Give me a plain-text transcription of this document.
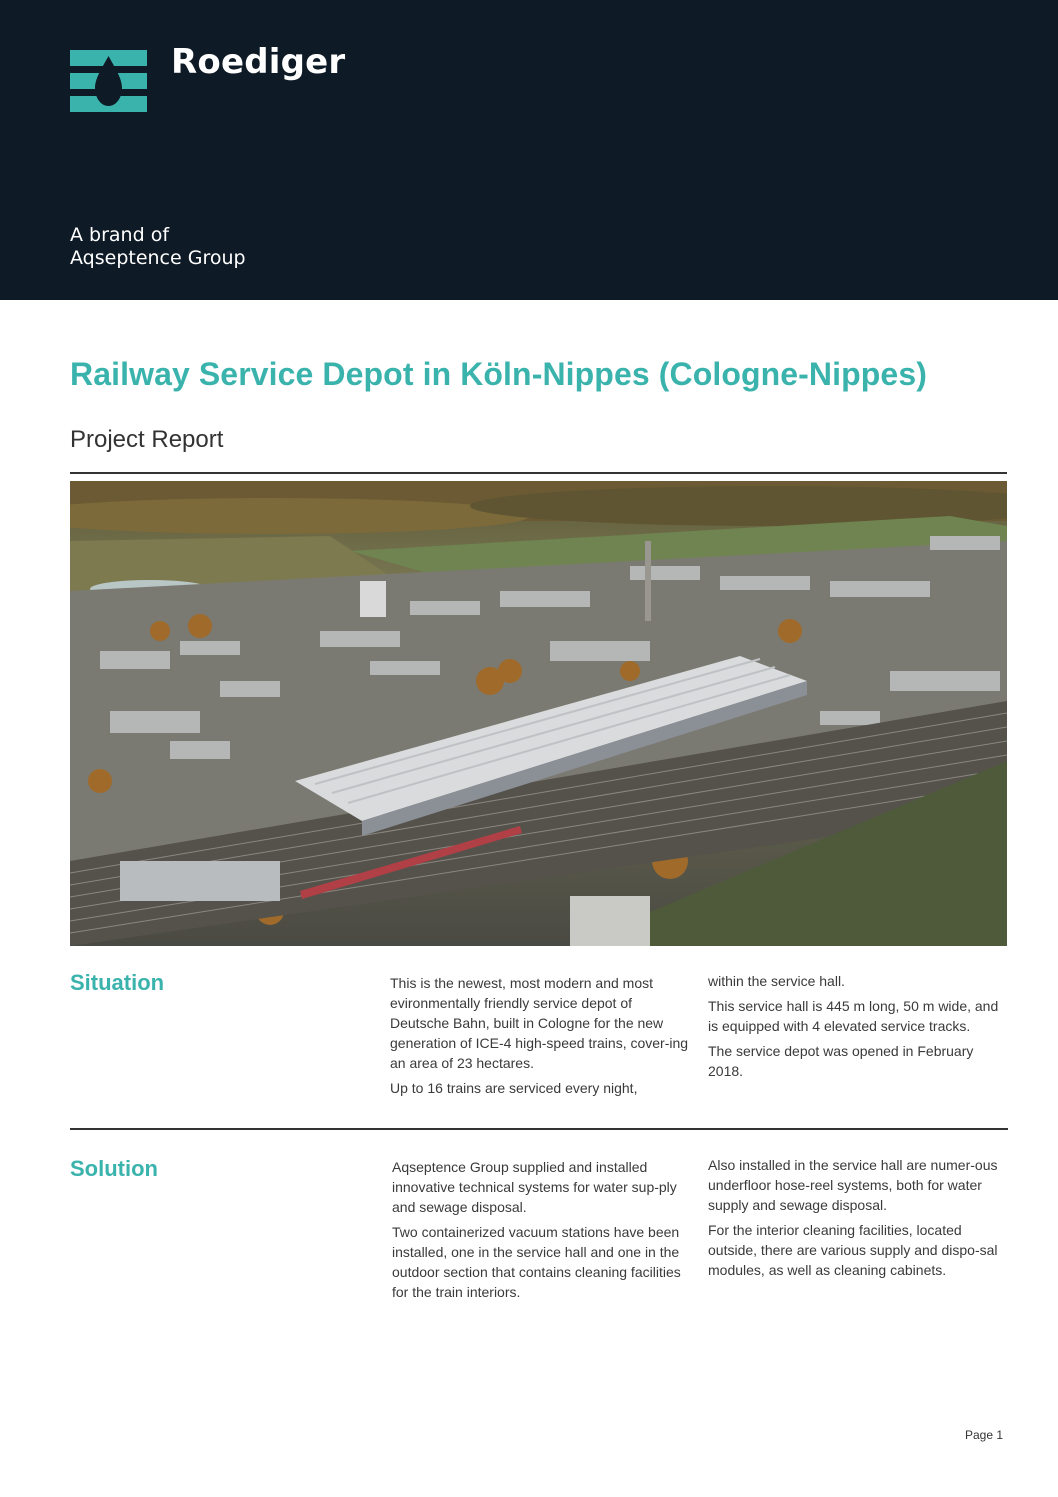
Roediger
A brand of
Aqseptence Group
Railway Service Depot in Köln-Nippes (Cologne-Nippes)
Project Report
Situation	This is the newest, most modern and most evironmentally friendly service depot of Deutsche Bahn, built in Cologne for the new generation of ICE-4 high-speed trains, cover-ing an area of 23 hectares.

Up to 16 trains are serviced every night,

within the service hall.

This service hall is 445 m long, 50 m wide, and is equipped with 4 elevated service tracks.

The service depot was opened in February 2018.

Solution	Aqseptence Group supplied and installed innovative technical systems for water sup-ply and sewage disposal.

Two containerized vacuum stations have been installed, one in the service hall and one in the outdoor section that contains cleaning facilities for the train interiors.

Also installed in the service hall are numer-ous underfloor hose-reel systems, both for water supply and sewage disposal.

For the interior cleaning facilities, located outside, there are various supply and dispo-sal modules, as well as cleaning cabinets.

Page 1
